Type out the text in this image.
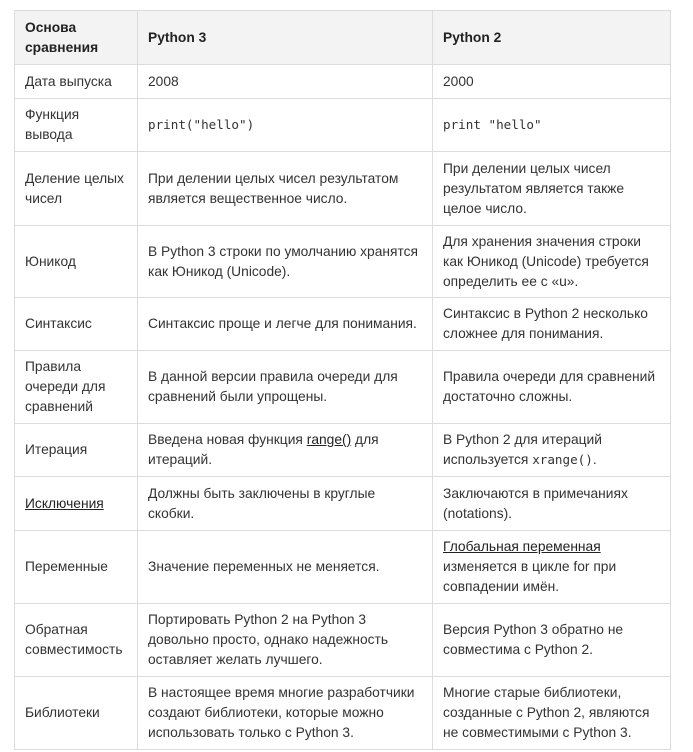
Основа сравнения	Python 3	Python 2
Дата выпуска	2008	2000
Функция вывода	print("hello")	print "hello"
Деление целых чисел	При делении целых чисел результатом является вещественное число.	При делении целых чисел результатом является также целое число.
Юникод	В Python 3 строки по умолчанию хранятся как Юникод (Unicode).	Для хранения значения строки как Юникод (Unicode) требуется определить ее с «u».
Синтаксис	Синтаксис проще и легче для понимания.	Синтаксис в Python 2 несколько сложнее для понимания.
Правила очереди для сравнений	В данной версии правила очереди для сравнений были упрощены.	Правила очереди для сравнений достаточно сложны.
Итерация	Введена новая функция range() для итераций.	В Python 2 для итераций используется xrange().
Исключения	Должны быть заключены в круглые скобки.	Заключаются в примечаниях (notations).
Переменные	Значение переменных не меняется.	Глобальная переменная изменяется в цикле for при совпадении имён.
Обратная совместимость	Портировать Python 2 на Python 3 довольно просто, однако надежность оставляет желать лучшего.	Версия Python 3 обратно не совместима с Python 2.
Библиотеки	В настоящее время многие разработчики создают библиотеки, которые можно использовать только с Python 3.	Многие старые библиотеки, созданные с Python 2, являются не совместимыми с Python 3.
